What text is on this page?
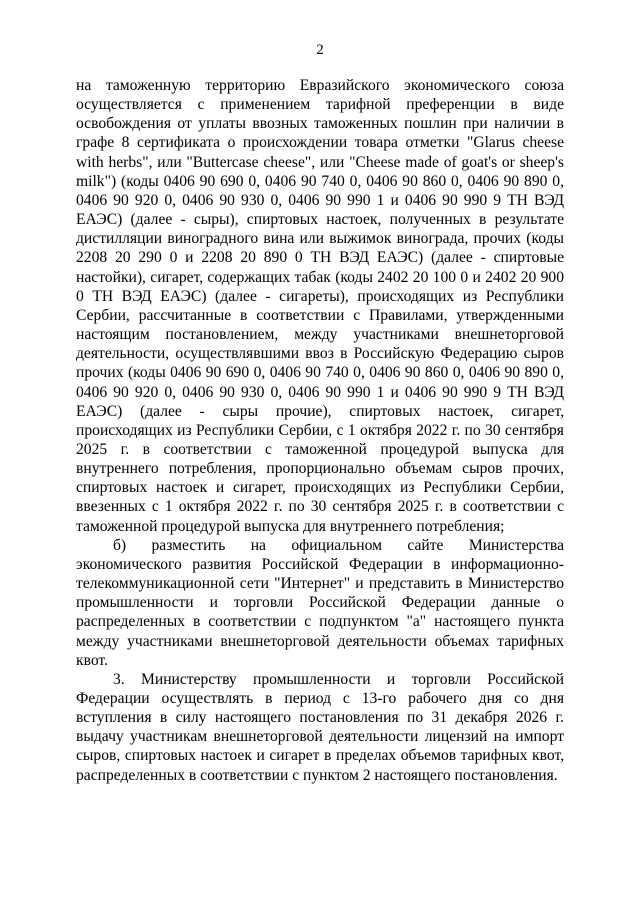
2

на таможенную территорию Евразийского экономического союза осуществляется с применением тарифной преференции в виде освобождения от уплаты ввозных таможенных пошлин при наличии в графе 8 сертификата о происхождении товара отметки "Glarus cheese with herbs", или "Buttercase cheese", или "Cheese made of goat's or sheep's milk") (коды 0406 90 690 0, 0406 90 740 0, 0406 90 860 0, 0406 90 890 0, 0406 90 920 0, 0406 90 930 0, 0406 90 990 1 и 0406 90 990 9 ТН ВЭД ЕАЭС) (далее - сыры), спиртовых настоек, полученных в результате дистилляции виноградного вина или выжимок винограда, прочих (коды 2208 20 290 0 и 2208 20 890 0 ТН ВЭД ЕАЭС) (далее - спиртовые настойки), сигарет, содержащих табак (коды 2402 20 100 0 и 2402 20 900 0 ТН ВЭД ЕАЭС) (далее - сигареты), происходящих из Республики Сербии, рассчитанные в соответствии с Правилами, утвержденными настоящим постановлением, между участниками внешнеторговой деятельности, осуществлявшими ввоз в Российскую Федерацию сыров прочих (коды 0406 90 690 0, 0406 90 740 0, 0406 90 860 0, 0406 90 890 0, 0406 90 920 0, 0406 90 930 0, 0406 90 990 1 и 0406 90 990 9 ТН ВЭД ЕАЭС) (далее - сыры прочие), спиртовых настоек, сигарет, происходящих из Республики Сербии, с 1 октября 2022 г. по 30 сентября 2025 г. в соответствии с таможенной процедурой выпуска для внутреннего потребления, пропорционально объемам сыров прочих, спиртовых настоек и сигарет, происходящих из Республики Сербии, ввезенных с 1 октября 2022 г. по 30 сентября 2025 г. в соответствии с таможенной процедурой выпуска для внутреннего потребления;

б) разместить на официальном сайте Министерства экономического развития Российской Федерации в информационно-телекоммуникационной сети "Интернет" и представить в Министерство промышленности и торговли Российской Федерации данные о распределенных в соответствии с подпунктом "а" настоящего пункта между участниками внешнеторговой деятельности объемах тарифных квот.

3. Министерству промышленности и торговли Российской Федерации осуществлять в период с 13-го рабочего дня со дня вступления в силу настоящего постановления по 31 декабря 2026 г. выдачу участникам внешнеторговой деятельности лицензий на импорт сыров, спиртовых настоек и сигарет в пределах объемов тарифных квот, распределенных в соответствии с пунктом 2 настоящего постановления.
